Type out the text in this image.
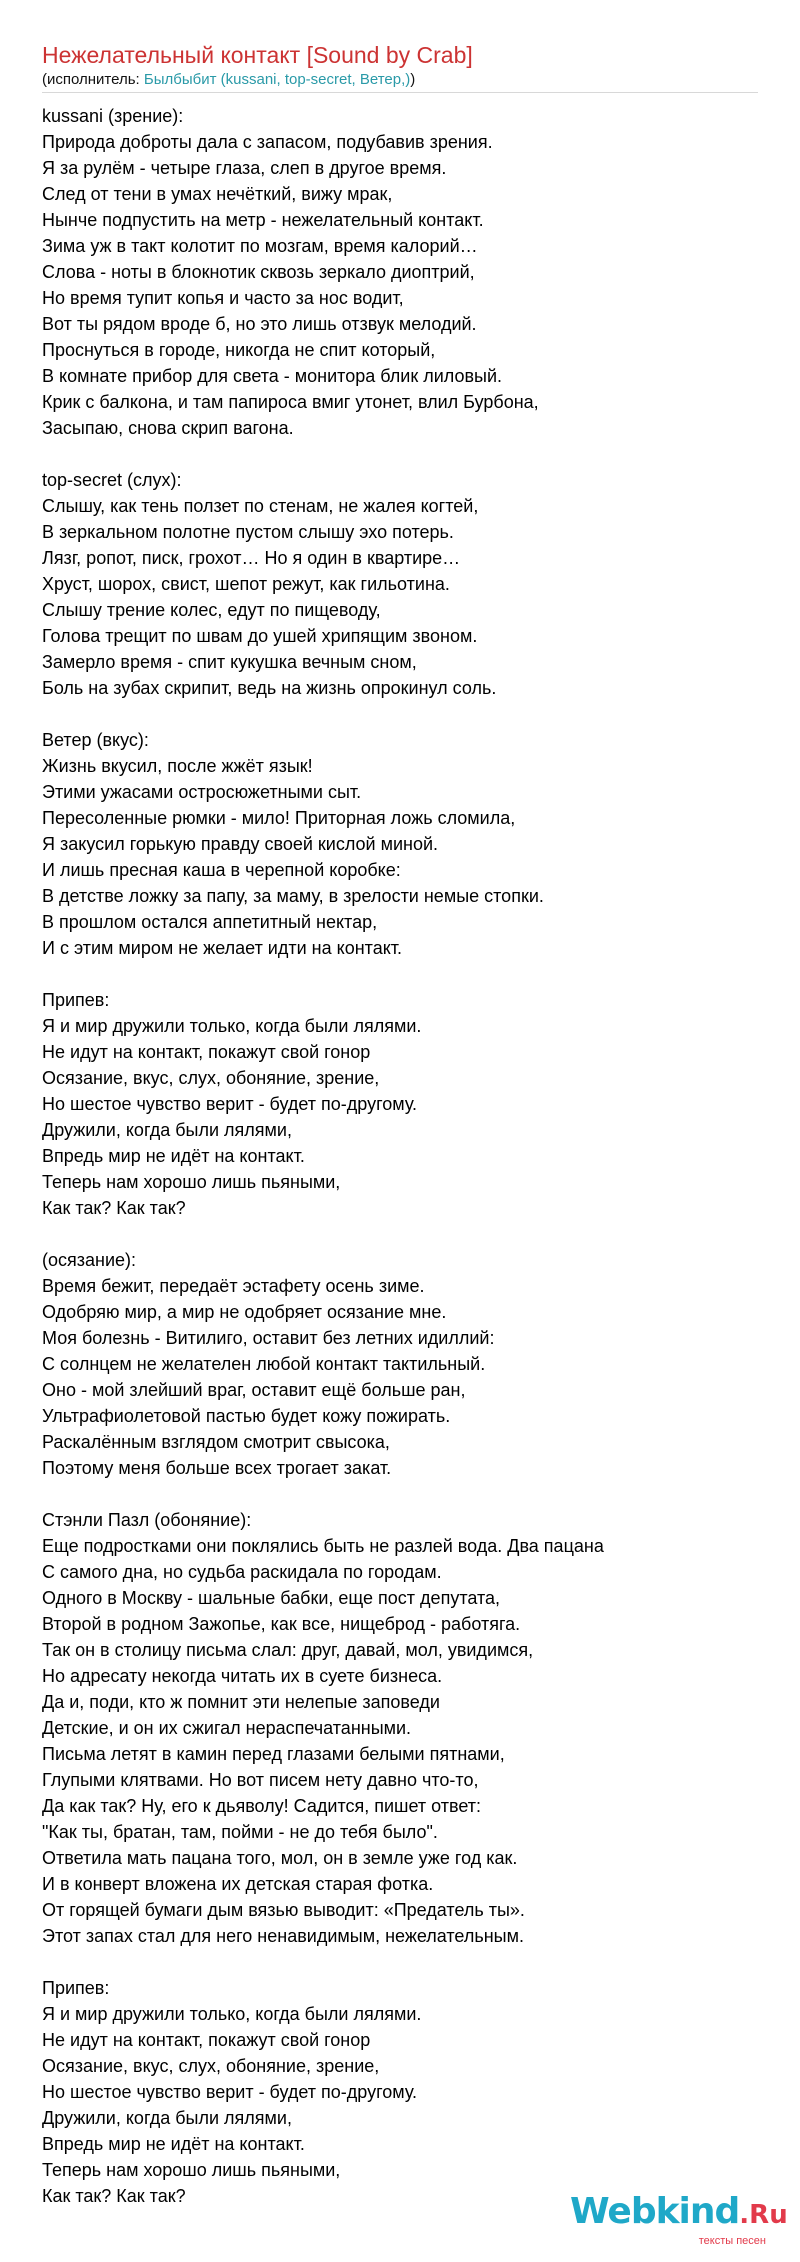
Нежелательный контакт [Sound by Crab]
(исполнитель: Былбыбит (kussani, top-secret, Ветер,))
kussani (зрение):
Природа доброты дала с запасом, подубавив зрения.
Я за рулём - четыре глаза, слеп в другое время.
След от тени в умах нечёткий, вижу мрак,
Нынче подпустить на метр - нежелательный контакт.
Зима уж в такт колотит по мозгам, время калорий…
Слова - ноты в блокнотик сквозь зеркало диоптрий,
Но время тупит копья и часто за нос водит,
Вот ты рядом вроде б, но это лишь отзвук мелодий.
Проснуться в городе, никогда не спит который,
В комнате прибор для света - монитора блик лиловый.
Крик с балкона, и там папироса вмиг утонет, влил Бурбона,
Засыпаю, снова скрип вагона.
top-secret (слух):
Слышу, как тень ползет по стенам, не жалея когтей,
В зеркальном полотне пустом слышу эхо потерь.
Лязг, ропот, писк, грохот… Но я один в квартире…
Хруст, шорох, свист, шепот режут, как гильотина.
Слышу трение колес, едут по пищеводу,
Голова трещит по швам до ушей хрипящим звоном.
Замерло время - спит кукушка вечным сном,
Боль на зубах скрипит, ведь на жизнь опрокинул соль.
Ветер (вкус):
Жизнь вкусил, после жжёт язык!
Этими ужасами остросюжетными сыт.
Пересоленные рюмки - мило! Приторная ложь сломила,
Я закусил горькую правду своей кислой миной.
И лишь пресная каша в черепной коробке:
В детстве ложку за папу, за маму, в зрелости немые стопки.
В прошлом остался аппетитный нектар,
И с этим миром не желает идти на контакт.
Припев:
Я и мир дружили только, когда были лялями.
Не идут на контакт, покажут свой гонор
Осязание, вкус, слух, обоняние, зрение,
Но шестое чувство верит - будет по-другому.
Дружили, когда были лялями,
Впредь мир не идёт на контакт.
Теперь нам хорошо лишь пьяными,
Как так? Как так?
(осязание):
Время бежит, передаёт эстафету осень зиме.
Одобряю мир, а мир не одобряет осязание мне.
Моя болезнь - Витилиго, оставит без летних идиллий:
С солнцем не желателен любой контакт тактильный.
Оно - мой злейший враг, оставит ещё больше ран,
Ультрафиолетовой пастью будет кожу пожирать.
Раскалённым взглядом смотрит свысока,
Поэтому меня больше всех трогает закат.
Стэнли Пазл (обоняние):
Еще подростками они поклялись быть не разлей вода. Два пацана
С самого дна, но судьба раскидала по городам.
Одного в Москву - шальные бабки, еще пост депутата,
Второй в родном Зажопье, как все, нищеброд - работяга.
Так он в столицу письма слал: друг, давай, мол, увидимся,
Но адресату некогда читать их в суете бизнеса.
Да и, поди, кто ж помнит эти нелепые заповеди
Детские, и он их сжигал нераспечатанными.
Письма летят в камин перед глазами белыми пятнами,
Глупыми клятвами. Но вот писем нету давно что-то,
Да как так? Ну, его к дьяволу! Садится, пишет ответ:
"Как ты, братан, там, пойми - не до тебя было".
Ответила мать пацана того, мол, он в земле уже год как.
И в конверт вложена их детская старая фотка.
От горящей бумаги дым вязью выводит: «Предатель ты».
Этот запах стал для него ненавидимым, нежелательным.
Припев:
Я и мир дружили только, когда были лялями.
Не идут на контакт, покажут свой гонор
Осязание, вкус, слух, обоняние, зрение,
Но шестое чувство верит - будет по-другому.
Дружили, когда были лялями,
Впредь мир не идёт на контакт.
Теперь нам хорошо лишь пьяными,
Как так? Как так?	Webkind.Ru
тексты песен
